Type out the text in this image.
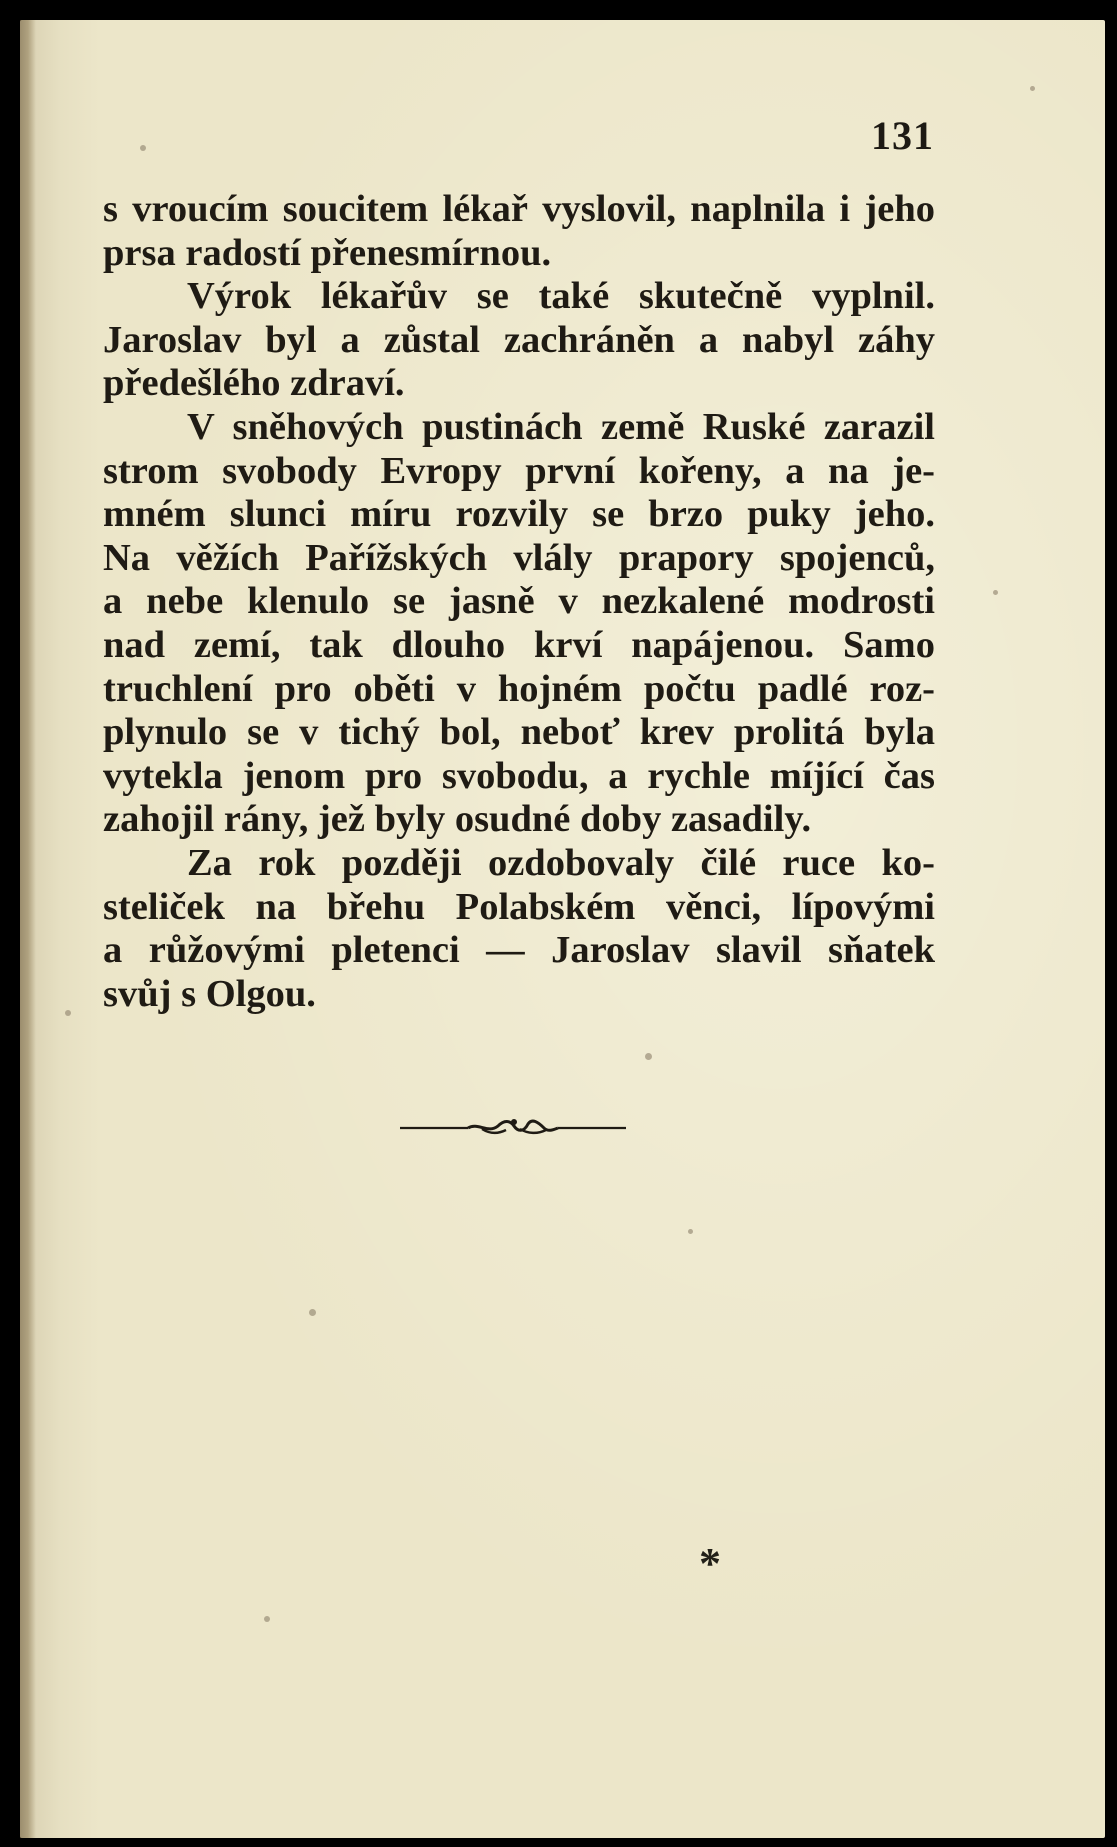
131

s vroucím soucitem lékař vyslovil, naplnila i jeho

prsa radostí přenesmírnou.

Výrok lékařův se také skutečně vyplnil.

Jaroslav byl a zůstal zachráněn a nabyl záhy

předešlého zdraví.

V sněhových pustinách země Ruské zarazil

strom svobody Evropy první kořeny, a na je-

mném slunci míru rozvily se brzo puky jeho.

Na věžích Pařížských vlály prapory spojenců,

a nebe klenulo se jasně v nezkalené modrosti

nad zemí, tak dlouho krví napájenou. Samo

truchlení pro oběti v hojném počtu padlé roz-

plynulo se v tichý bol, neboť krev prolitá byla

vytekla jenom pro svobodu, a rychle míjící čas

zahojil rány, jež byly osudné doby zasadily.

Za rok později ozdobovaly čilé ruce ko-

steliček na břehu Polabském věnci, lípovými

a růžovými pletenci — Jaroslav slavil sňatek

svůj s Olgou.

*
